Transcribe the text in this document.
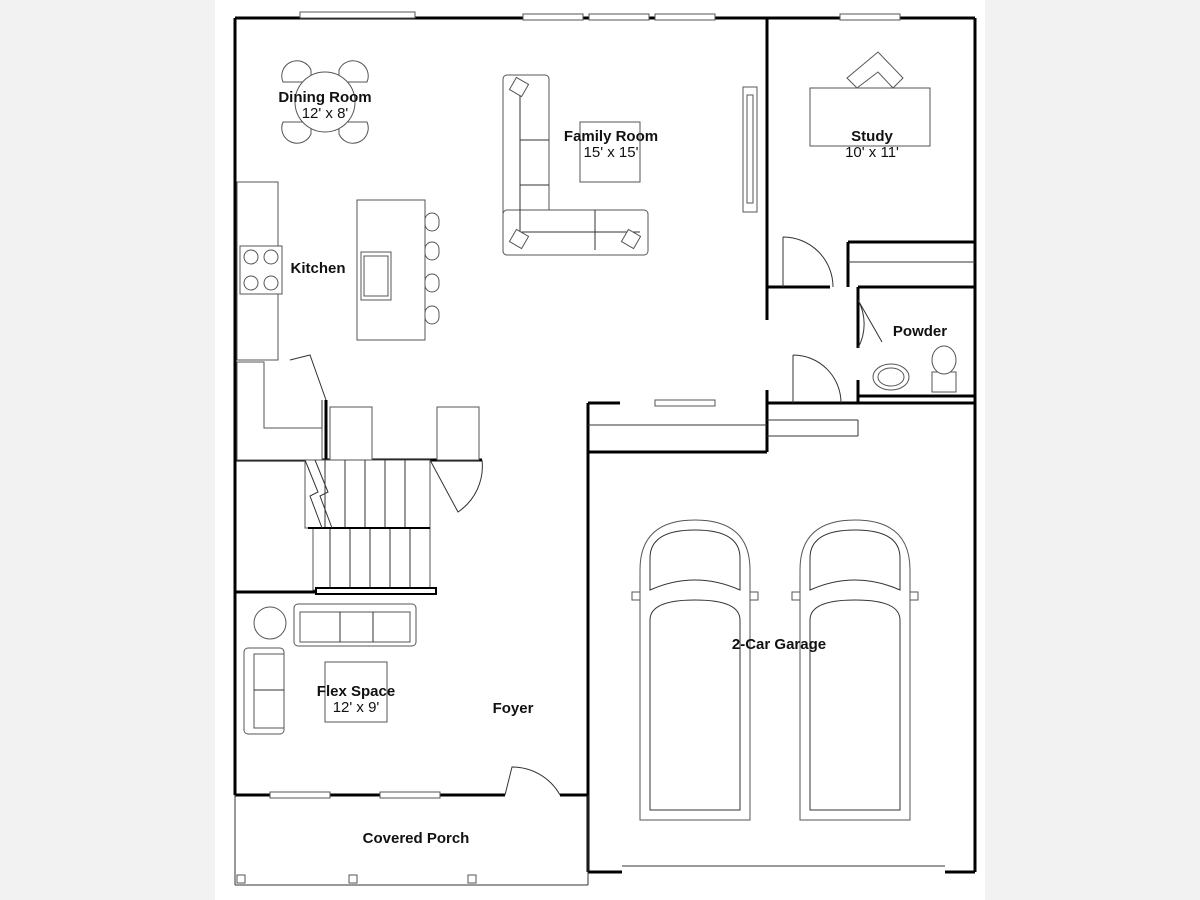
Dining Room
12' x 8'
Family Room
15' x 15'
Study
10' x 11'
Kitchen
Powder
2-Car Garage
Flex Space
12' x 9'	Foyer
Covered Porch
